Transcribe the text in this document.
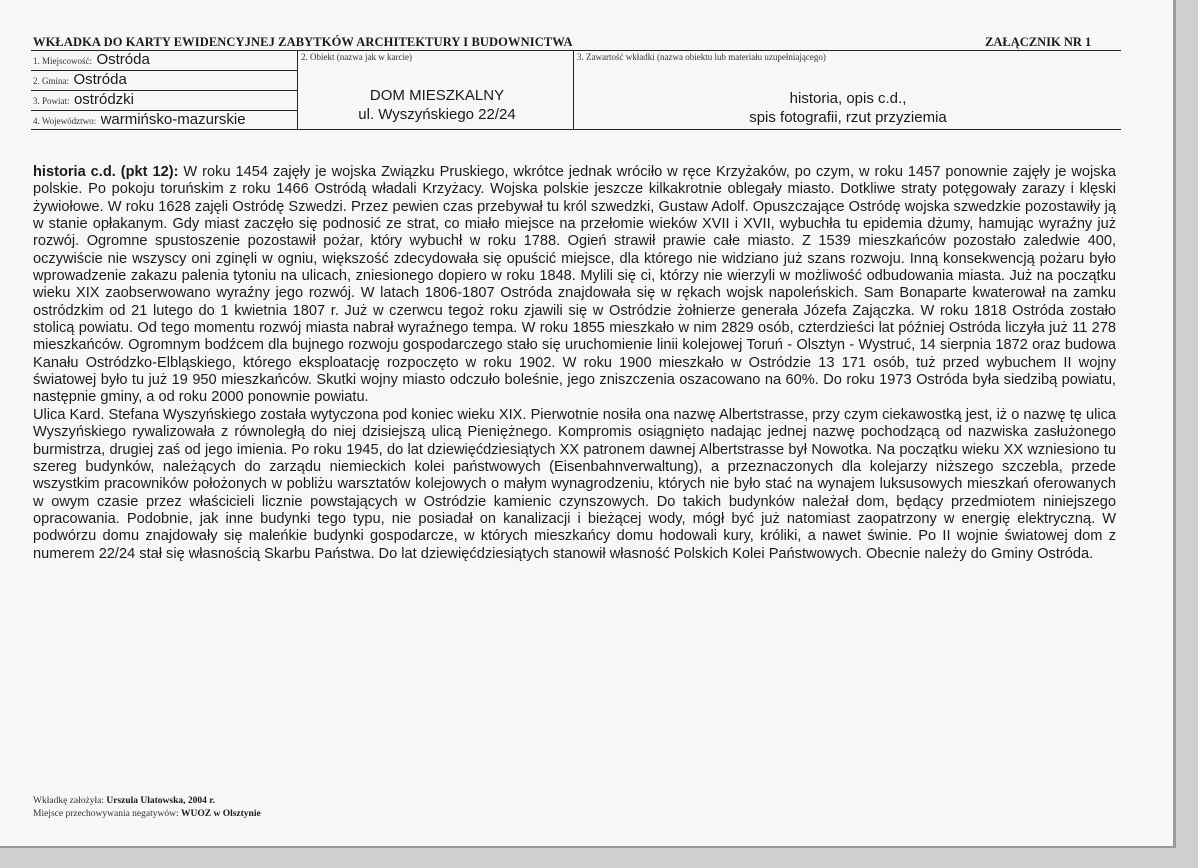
WKŁADKA DO KARTY EWIDENCYJNEJ ZABYTKÓW ARCHITEKTURY I BUDOWNICTWA	ZAŁĄCZNIK NR 1
1. Miejscowość: Ostróda
2. Gmina: Ostróda
3. Powiat: ostródzki
4. Województwo: warmińsko-mazurskie
2. Obiekt (nazwa jak w karcie)
DOM MIESZKALNY
ul. Wyszyńskiego 22/24
3. Zawartość wkładki (nazwa obiektu lub materiału uzupełniającego)
historia, opis c.d.,
spis fotografii, rzut przyziemia

historia c.d. (pkt 12): W roku 1454 zajęły je wojska Związku Pruskiego, wkrótce jednak wróciło w ręce Krzyżaków, po czym, w roku 1457 ponownie zajęły je wojska polskie. Po pokoju toruńskim z roku 1466 Ostródą władali Krzyżacy. Wojska polskie jeszcze kilkakrotnie oblegały miasto. Dotkliwe straty potęgowały zarazy i klęski żywiołowe. W roku 1628 zajęli Ostródę Szwedzi. Przez pewien czas przebywał tu król szwedzki, Gustaw Adolf. Opuszczające Ostródę wojska szwedzkie pozostawiły ją w stanie opłakanym. Gdy miast zaczęło się podnosić ze strat, co miało miejsce na przełomie wieków XVII i XVII, wybuchła tu epidemia dżumy, hamując wyraźny już rozwój. Ogromne spustoszenie pozostawił pożar, który wybuchł w roku 1788. Ogień strawił prawie całe miasto. Z 1539 mieszkańców pozostało zaledwie 400, oczywiście nie wszyscy oni zginęli w ogniu, większość zdecydowała się opuścić miejsce, dla którego nie widziano już szans rozwoju. Inną konsekwencją pożaru było wprowadzenie zakazu palenia tytoniu na ulicach, zniesionego dopiero w roku 1848. Mylili się ci, którzy nie wierzyli w możliwość odbudowania miasta. Już na początku wieku XIX zaobserwowano wyraźny jego rozwój. W latach 1806-1807 Ostróda znajdowała się w rękach wojsk napoleńskich. Sam Bonaparte kwaterował na zamku ostródzkim od 21 lutego do 1 kwietnia 1807 r. Już w czerwcu tegoż roku zjawili się w Ostródzie żołnierze generała Józefa Zajączka. W roku 1818 Ostróda zostało stolicą powiatu. Od tego momentu rozwój miasta nabrał wyraźnego tempa. W roku 1855 mieszkało w nim 2829 osób, czterdzieści lat później Ostróda liczyła już 11 278 mieszkańców. Ogromnym bodźcem dla bujnego rozwoju gospodarczego stało się uruchomienie linii kolejowej Toruń - Olsztyn - Wystruć, 14 sierpnia 1872 oraz budowa Kanału Ostródzko-Elbląskiego, którego eksploatację rozpoczęto w roku 1902. W roku 1900 mieszkało w Ostródzie 13 171 osób, tuż przed wybuchem II wojny światowej było tu już 19 950 mieszkańców. Skutki wojny miasto odczuło boleśnie, jego zniszczenia oszacowano na 60%. Do roku 1973 Ostróda była siedzibą powiatu, następnie gminy, a od roku 2000 ponownie powiatu.

Ulica Kard. Stefana Wyszyńskiego została wytyczona pod koniec wieku XIX. Pierwotnie nosiła ona nazwę Albertstrasse, przy czym ciekawostką jest, iż o nazwę tę ulica Wyszyńskiego rywalizowała z równoległą do niej dzisiejszą ulicą Pieniężnego. Kompromis osiągnięto nadając jednej nazwę pochodzącą od nazwiska zasłużonego burmistrza, drugiej zaś od jego imienia. Po roku 1945, do lat dziewięćdziesiątych XX patronem dawnej Albertstrasse był Nowotka. Na początku wieku XX wzniesiono tu szereg budynków, należących do zarządu niemieckich kolei państwowych (Eisenbahnverwaltung), a przeznaczonych dla kolejarzy niższego szczebla, przede wszystkim pracowników położonych w pobliżu warsztatów kolejowych o małym wynagrodzeniu, których nie było stać na wynajem luksusowych mieszkań oferowanych w owym czasie przez właścicieli licznie powstających w Ostródzie kamienic czynszowych. Do takich budynków należał dom, będący przedmiotem niniejszego opracowania. Podobnie, jak inne budynki tego typu, nie posiadał on kanalizacji i bieżącej wody, mógł być już natomiast zaopatrzony w energię elektryczną. W podwórzu domu znajdowały się maleńkie budynki gospodarcze, w których mieszkańcy domu hodowali kury, króliki, a nawet świnie. Po II wojnie światowej dom z numerem 22/24 stał się własnością Skarbu Państwa. Do lat dziewięćdziesiątych stanowił własność Polskich Kolei Państwowych. Obecnie należy do Gminy Ostróda.

Wkładkę założyła: Urszula Ulatowska, 2004 r.
Miejsce przechowywania negatywów: WUOZ w Olsztynie
